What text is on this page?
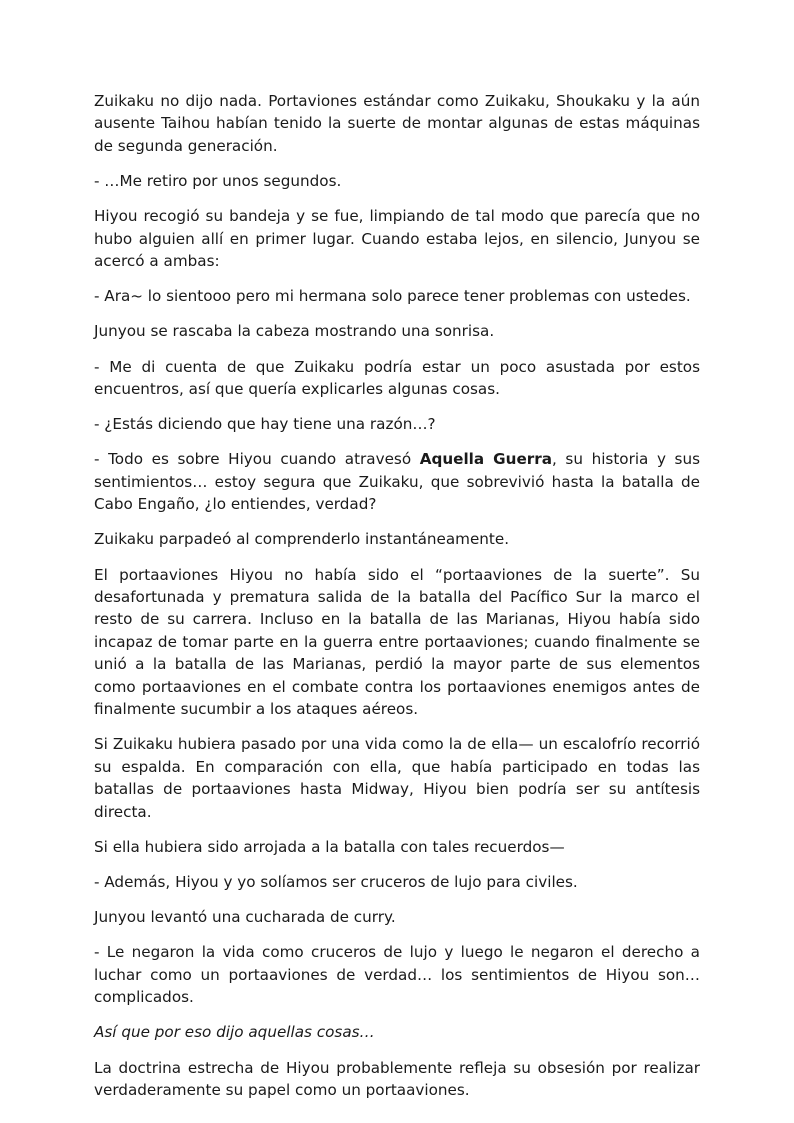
Zuikaku no dijo nada. Portaviones estándar como Zuikaku, Shoukaku y la aún ausente Taihou habían tenido la suerte de montar algunas de estas máquinas de segunda generación.

- …Me retiro por unos segundos.

Hiyou recogió su bandeja y se fue, limpiando de tal modo que parecía que no hubo alguien allí en primer lugar. Cuando estaba lejos, en silencio, Junyou se acercó a ambas:

- Ara~ lo sientooo pero mi hermana solo parece tener problemas con ustedes.

Junyou se rascaba la cabeza mostrando una sonrisa.

- Me di cuenta de que Zuikaku podría estar un poco asustada por estos encuentros, así que quería explicarles algunas cosas.

- ¿Estás diciendo que hay tiene una razón…?

- Todo es sobre Hiyou cuando atravesó Aquella Guerra, su historia y sus sentimientos… estoy segura que Zuikaku, que sobrevivió hasta la batalla de Cabo Engaño, ¿lo entiendes, verdad?

Zuikaku parpadeó al comprenderlo instantáneamente.

El portaaviones Hiyou no había sido el “portaaviones de la suerte”. Su desafortunada y prematura salida de la batalla del Pacífico Sur la marco el resto de su carrera. Incluso en la batalla de las Marianas, Hiyou había sido incapaz de tomar parte en la guerra entre portaaviones; cuando finalmente se unió a la batalla de las Marianas, perdió la mayor parte de sus elementos como portaaviones en el combate contra los portaaviones enemigos antes de finalmente sucumbir a los ataques aéreos.

Si Zuikaku hubiera pasado por una vida como la de ella— un escalofrío recorrió su espalda. En comparación con ella, que había participado en todas las batallas de portaaviones hasta Midway, Hiyou bien podría ser su antítesis directa.

Si ella hubiera sido arrojada a la batalla con tales recuerdos—

- Además, Hiyou y yo solíamos ser cruceros de lujo para civiles.

Junyou levantó una cucharada de curry.

- Le negaron la vida como cruceros de lujo y luego le negaron el derecho a luchar como un portaaviones de verdad… los sentimientos de Hiyou son… complicados.

Así que por eso dijo aquellas cosas…

La doctrina estrecha de Hiyou probablemente refleja su obsesión por realizar verdaderamente su papel como un portaaviones.
